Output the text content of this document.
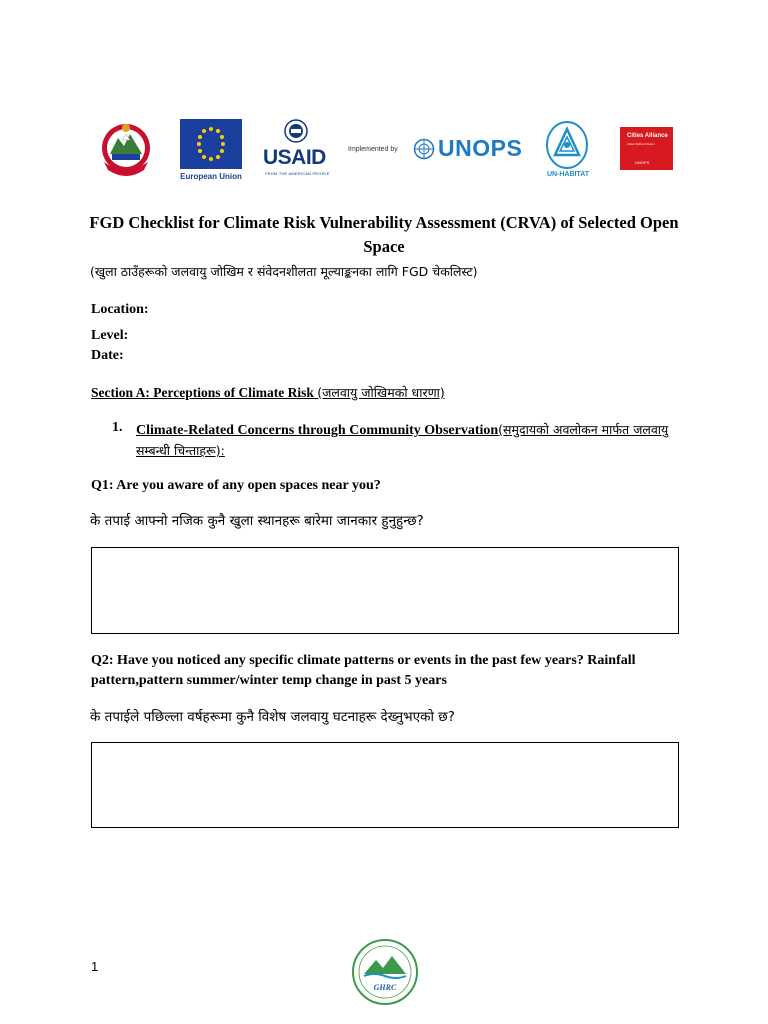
European Union
USAID
FROM THE AMERICAN PEOPLE
Implemented by UNOPS
UN-HABITAT
Cities Alliance
Cities Without Slums
UNOPS
FGD Checklist for Climate Risk Vulnerability Assessment (CRVA) of Selected Open Space
(खुला ठाउँहरूको जलवायु जोखिम र संवेदनशीलता मूल्याङ्कनका लागि FGD चेकलिस्ट)
Location:
Level:
Date:
Section A: Perceptions of Climate Risk (जलवायु जोखिमको धारणा)
1. Climate-Related Concerns through Community Observation(समुदायको अवलोकन मार्फत जलवायु सम्बन्धी चिन्ताहरू):
Q1: Are you aware of any open spaces near you?
के तपाई आफ्नो नजिक कुनै खुला स्थानहरू बारेमा जानकार हुनुहुन्छ?
Q2: Have you noticed any specific climate patterns or events in the past few years? Rainfall pattern,pattern summer/winter temp change in past 5 years
के तपाईले पछिल्ला वर्षहरूमा कुनै विशेष जलवायु घटनाहरू देख्नुभएको छ?
1
GHRC
